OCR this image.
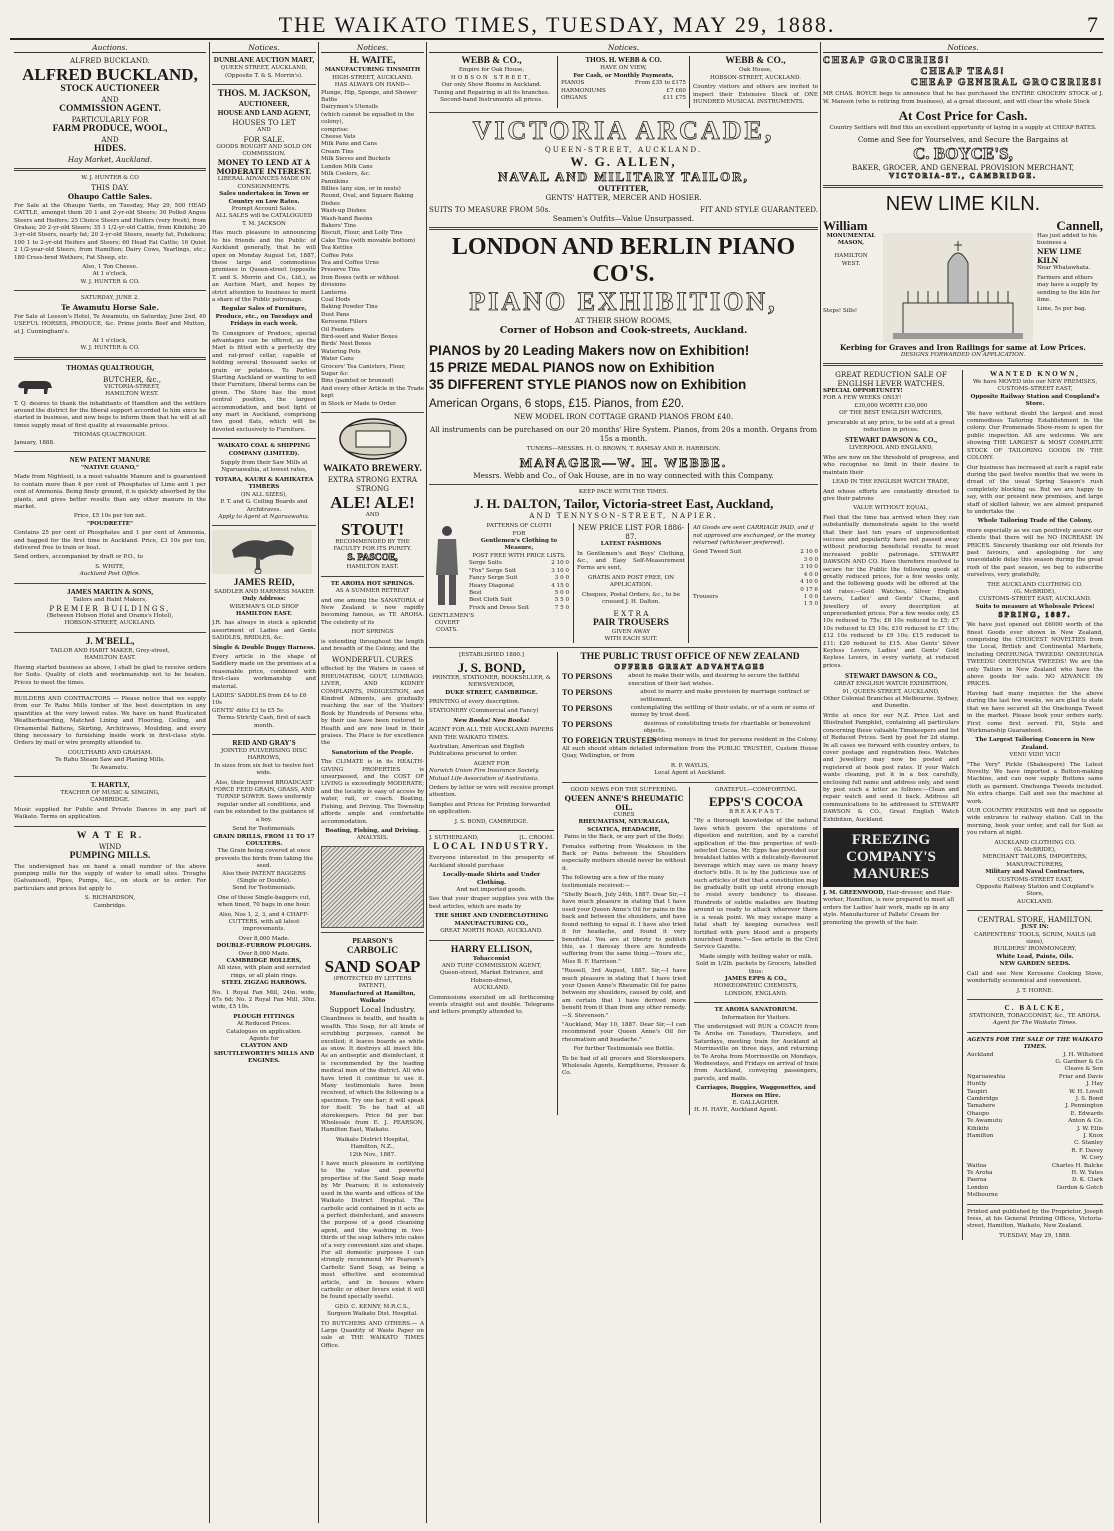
THE WAIKATO TIMES, TUESDAY, MAY 29, 1888.	7
Auctions.
ALFRED BUCKLAND.
ALFRED BUCKLAND,
STOCK AUCTIONEER
AND
COMMISSION AGENT.
PARTICULARLY FOR
FARM PRODUCE, WOOL,
AND
HIDES.
Hay Market, Auckland.
W. J. HUNTER & CO
THIS DAY.
Ohaupo Cattle Sales.

For Sale at the Ohaupo Yards, on Tuesday, May 29, 500 HEAD CATTLE, amongst them 20 1 and 2-yr-old Steers; 30 Polled Angus Steers and Heifers; 25 Choice Steers and Heifers (very fresh), from Orakau; 20 2-yr-old Steers; 35 1 1/2-yr-old Cattle, from Kihikihi; 20 3-yr-old Steers, nearly fat; 20 2-yr-old Steers, nearly fat, Pukekura; 100 1 to 2-yr-old Heifers and Steers; 60 Head Fat Cattle; 16 Quiet 2 1/2-year-old Steers, from Hamilton; Dairy Cows, Yearlings, etc.; 180 Cross-bred Wethers, Fat Sheep, etc.

Also, 1 Ton Cheese.
At 1 o'clock,
W. J. HUNTER & CO.
SATURDAY, JUNE 2.
Te Awamutu Horse Sale.

For Sale at Leeson's Hotel, Te Awamutu, on Saturday, June 2nd, 40 USEFUL HORSES, PRODUCE, &c. Prime joints Beef and Mutton, at J. Cunningham's.

At 1 o'clock,
W. J. HUNTER & CO.
THOMAS QUALTROUGH,
BUTCHER, &c.,
VICTORIA-STREET,
HAMILTON WEST.

T. Q. desires to thank the inhabitants of Hamilton and the settlers around the district for the liberal support accorded to him since he started in business, and now begs to inform them that he will at all times supply meat of first quality at reasonable prices.

THOMAS QUALTROUGH.
January, 1888.
NEW PATENT MANURE
"NATIVE GUANO,"

Made from Nightsoil, is a most valuable Manure and is guaranteed to contain more than 4 per cent of Phosphates of Lime and 1 per cent of Ammonia. Being finely ground, it is quickly absorbed by the plants, and gives better results than any other manure in the market.

Price, £5 10s per ton net.
"POUDRETTE"

Contains 25 per cent of Phosphates and 1 per cent of Ammonia, and bagged for the first time in Auckland. Price, £3 10s per ton, delivered free to train or boat.

Send orders, accompanied by draft or P.O., to

S. WHITE,
Auckland Post Office.
JAMES MARTIN & SONS,
Tailors and Habit Makers,
PREMIER BUILDINGS,
(Between Hobson Hotel and Orams's Hotel),
HOBSON-STREET, AUCKLAND.
J. M'BELL,
TAILOR AND HABIT MAKER, Grey-street,
HAMILTON EAST.

Having started business as above, I shall be glad to receive orders for Suits. Quality of cloth and workmanship not to be beaten. Prices to meet the times.

BUILDERS AND CONTRACTORS — Please notice that we supply from our Te Rahu Mills timber of the best description in any quantities at the very lowest rates. We have on hand Rusticated Weatherboarding, Matched Lining and Flooring, Ceiling, and Ornamental Battens, Skirting, Architraves, Moulding, and every thing necessary to furnishing inside work in first-class style. Orders by mail or wire promptly attended to.

COULTHARD AND GRAHAM.
Te Rahu Steam Saw and Planing Mills.
Te Awamutu.
T. HARTLY,
TEACHER OF MUSIC & SINGING,
CAMBRIDGE.

Music supplied for Public and Private Dances in any part of Waikato. Terms on application.

W A T E R.
WIND
PUMPING MILLS.

The undersigned has on hand a small number of the above pumping mills for the supply of water to small sites. Troughs (Galvanised), Pipes, Pumps, &c., on stock or to order. For particulars and prices list apply to

S. RICHARDSON,
Cambridge.
Notices.
DUNBLANE AUCTION MART,
QUEEN STREET, AUCKLAND,
(Opposite T. & S. Morrin's).
THOS. M. JACKSON,
AUCTIONEER,
HOUSE AND LAND AGENT,
HOUSES TO LET
AND
FOR SALE.
GOODS BOUGHT AND SOLD ON COMMISSION.
MONEY TO LEND AT A MODERATE INTEREST.
LIBERAL ADVANCES MADE ON CONSIGNMENTS.
Sales undertaken in Town or Country on Low Rates.
Prompt Account Sales.
ALL SALES will be CATALOGUED
T. M. JACKSON

Has much pleasure in announcing to his friends and the Public of Auckland generally, that he will open on Monday August 1st, 1887, those large and commodious premises in Queen-street (opposite T. and S. Morrin and Co., Ltd.), as an Auction Mart, and hopes by strict attention to business to merit a share of the Public patronage.

Regular Sales of Furniture, Produce, etc., on Tuesdays and Fridays in each week.

To Consignors of Produce, special advantages can be offered, as the Mart is fitted with a perfectly dry and rat-proof cellar, capable of holding several thousand sacks of grain or potatoes. To Parties Starting Auckland or wanting to sell their Furniture, liberal terms can be given. The Store has the most central position, the largest accommodation, and best light of any mart in Auckland, comprising two good flats, which will be devoted exclusively to Furniture.

WAIKATO COAL & SHIPPING COMPANY (LIMITED).

Supply from their Saw Mills at Ngaruawahia, at lowest rates,

TOTARA, KAURI & KAHIKATEA TIMBERS
(IN ALL SIZES),
P. T. and G. Ceiling Boards and Architraves.
Apply to Agent at Ngaruawahia.
JAMES REID,
SADDLER AND HARNESS MAKER
Only Address:
WISEMAN'S OLD SHOP
HAMILTON EAST.

J.R. has always in stock a splendid assortment of Ladies and Gents SADDLES, BRIDLES, &c.

Single & Double Buggy Harness.

Every article in the shape of Saddlery made on the premises at a reasonable price, combined with first-class workmanship and material.

LADIES' SADDLES from £4 to £6 10s
GENTS' ditto £3 to £5 5s
Terms Strictly Cash, first of each month.
REID AND GRAY'S
JOINTED PULVERISING DISC HARROWS,
In sizes from six feet to twelve feet wide.

Also, their Improved BROADCAST FORCE FEED GRAIN, GRASS, AND TURNIP SOWER. Sows uniformly regular under all conditions, and can be extended to the guidance of a boy.

Send for Testimonials.
GRAIN DRILLS, FROM 11 TO 17 COULTERS.
The Grain being covered at once prevents the birds from taking the seed.
Also their PATENT BAGGERS (Single or Double).
Send for Testimonials.

One of these Single-baggers cut, when tined, 70 bags in one hour.

Also, Nos 1, 2, 3, and 4 CHAFF-CUTTERS, with all latest improvements.

Over 8,000 Made.
DOUBLE-FURROW PLOUGHS.
Over 8,000 Made.
CAMBRIDGE ROLLERS,
All sizes, with plain and serrated rings, or all plain rings.
STEEL ZIGZAG HARROWS.

No. 1 Royal Fan Mill, 24in. wide, 67s 6d; No. 2 Royal Fan Mill, 30in. wide, £5 10s.

PLOUGH FITTINGS
At Reduced Prices.
Catalogues on application.
Agents for
CLAYTON AND SHUTTLEWORTH'S MILLS AND ENGINES.
Notices.
H. WAITE,
MANUFACTURING TINSMITH
HIGH-STREET, AUCKLAND.
HAS ALWAYS ON HAND—
Plunge, Hip, Sponge, and Shower Baths
Dairymen's Utensils
(which cannot be equalled in the colony),
comprise:
Cheese Vats
Milk Pans and Cans
Cream Tins
Milk Sieves and Buckets
London Milk Cans
Milk Coolers, &c.
Pannikins
Billies (any size, or in nests)
Round, Oval, and Square Baking Dishes
Wash-up Dishes
Wash-hand Basins
Bakers' Tins
Biscuit, Flour, and Lolly Tins
Cake Tins (with movable bottom)
Tea Kettles
Coffee Pots
Tea and Coffee Urns
Preserve Tins
Iron Boxes (with or without divisions
Lanterns
Coal Hods
Baking Powder Tins
Dust Pans
Kerosene Fillers
Oil Feeders
Bird-seed and Water Boxes
Birds' Nest Boxes
Watering Pots
Water Cans
Grocers' Tea Canisters, Flour, Sugar &c
Bins (painted or bronzed)
And every other Article in the Trade kept
in Stock or Made to Order.
WAIKATO BREWERY.
EXTRA STRONG EXTRA STRONG
ALE! ALE!
AND
STOUT!
RECOMMENDED BY THE FACULTY FOR ITS PURITY.
S. PASCOE,
HAMILTON EAST.
TE AROHA HOT SPRINGS.
AS A SUMMER RETREAT

and one among the SANATORIA of New Zealand is now rapidly becoming famous, as TE AROHA. The celebrity of its

HOT SPRINGS

is extending throughout the length and breadth of the Colony, and the

WONDERFUL CURES

effected by the Waters in cases of RHEUMATISM, GOUT, LUMBAGO, LIVER, AND KIDNEY COMPLAINTS, INDIGESTION, and Kindred Ailments, are gradually reaching the ear of the Visitors' Book by Hundreds of Persons who, by their use have been restored to Health and are now loud in their praises. The Place is for excellence the

Sanatorium of the People.

The CLIMATE is in its HEALTH-GIVING PROPERTIES is unsurpassed, and the COST OF LIVING is exceedingly MODERATE; and the locality is easy of access by water, rail, or coach. Boating, Fishing, and Driving. The Township affords ample and comfortable accommodation.

Boating, Fishing, and Driving.
ANALYSIS.
PEARSON'S
CARBOLIC
SAND SOAP
(PROTECTED BY LETTERS PATENT),
Manufactured at Hamilton, Waikato
Support Local Industry.

Cleanliness is health, and health is wealth. This Soap, for all kinds of scrubbing purposes, cannot be excelled; it leaves boards as white as snow. It destroys all insect life. As an antiseptic and disinfectant, it is recommended by the leading medical men of the district. All who have tried it continue to use it. Many testimonials have been received, of which the following is a specimen. Try one bar; it will speak for itself. To be had at all storekeepers. Price 6d per bar. Wholesale from E. J. PEARSON, Hamilton East, Waikato.

Waikato District Hospital, Hamilton, N.Z.,
12th Nov., 1887.

I have much pleasure in certifying to the value and powerful properties of the Sand Soap made by Mr Pearson; it is extensively used in the wards and offices of the Waikato District Hospital. The carbolic acid contained in it acts as a perfect disinfectant, and answers the purpose of a good cleansing agent, and the washing in two-thirds of the soap lathers into cakes of a very convenient size and shape. For all domestic purposes I can strongly recommend Mr Pearson's Carbolic Sand Soap, as being a most effective and economical article, and in houses where carbolic or other fevers exist it will be found specially useful.

GEO. C. KENNY, M.R.C.S.,
Surgeon Waikato Dist. Hospital.

TO BUTCHERS AND OTHERS.— A Large Quantity of Waste Paper on sale at THE WAIKATO TIMES Office.

Notices.
WEBB & CO.,
Empire for Oak House,
HOBSON STREET,
Our only Show Rooms in Auckland.
Tuning and Repairing in all its branches.
Second-hand Instruments all prices.
THOS. H. WEBB & CO.
HAVE ON VIEW,
For Cash, or Monthly Payments,
PIANOS	From £35 to £175
HARMONIUMS	£7 £60
ORGANS	£11 £75
WEBB & CO.,
Oak House,
HOBSON-STREET, AUCKLAND.

Country visitors and others are invited to inspect their Extensive Stock of ONE HUNDRED MUSICAL INSTRUMENTS.

VICTORIA ARCADE,
QUEEN-STREET, AUCKLAND.
W. G. ALLEN,
NAVAL AND MILITARY TAILOR,
OUTFITTER,
GENTS' HATTER, MERCER AND HOSIER.
SUITS TO MEASURE FROM 50s.	FIT AND STYLE GUARANTEED.
Seamen's Outfits—Value Unsurpassed.
LONDON AND BERLIN PIANO CO'S.
PIANO EXHIBITION,
AT THEIR SHOW ROOMS,
Corner of Hobson and Cook-streets, Auckland.
PIANOS by 20 Leading Makers now on Exhibition!
15 PRIZE MEDAL PIANOS now on Exhibition
35 DIFFERENT STYLE PIANOS now on Exhibition
American Organs, 6 stops, £15. Pianos, from £20.
NEW MODEL IRON COTTAGE GRAND PIANOS FROM £40.
All instruments can be purchased on our 20 months' Hire System. Pianos, from 20s a month. Organs from 15s a month.
TUNERS—MESSRS. H. O. BROWN, T. RAMSAY AND R. HARRISON.
MANAGER—W. H. WEBBE.
Messrs. Webb and Co., of Oak House, are in no way connected with this Company.
KEEP PACE WITH THE TIMES.
J. H. DALTON, Tailor, Victoria-street East, Auckland,
AND TENNYSON-STREET, NAPIER.
GENTLEMEN'S COVERT COATS.
PATTERNS OF CLOTH
FOR
Gentlemen's Clothing to Measure,
POST FREE WITH PRICE LISTS.
Serge Suits	2 10 0
"Fox" Serge Suit	3 10 0
Fancy Serge Suit	3 0 0
Heavy Diagonal	4 15 0
Best	5 0 0
Best Cloth Suit	5 5 0
Frock and Dress Suit	7 5 0
NEW PRICE LIST FOR 1886-87.
LATEST FASHIONS

In Gentlemen's and Boys' Clothing, &c., and Easy Self-Measurement Forms are sent,

GRATIS AND POST FREE, ON APPLICATION.

Cheques, Postal Orders, &c., to be crossed J. H. Dalton.

E X T R A
PAIR TROUSERS
GIVEN AWAY
WITH EACH SUIT.

All Goods are sent CARRIAGE PAID, and if not approved are exchanged, or the money returned (whichever preferred).

Good Tweed Suit	2 10 0
3 0 0
3 10 0
4 0 0
4 10 0
0 17 6
Trousers	1 0 0
1 5 0
[ESTABLISHED 1880.]
J. S. BOND,
PRINTER, STATIONER, BOOKSELLER, & NEWSVENDOR,
DUKE STREET, CAMBRIDGE.

PRINTING of every description.

STATIONERY (Commercial and Fancy)

New Books! New Books!

AGENT FOR ALL THE AUCKLAND PAPERS AND THE WAIKATO TIMES.

Australian, American and English Publications procured to order.

AGENT FOR
Norwich Union Fire Insurance Society.
Mutual Life Association of Australasia.

Orders by letter or wire will receive prompt attention.

Samples and Prices for Printing forwarded on application.

J. S. BOND, CAMBRIDGE.
J. SUTHERLAND,	[L. CROOM.
LOCAL INDUSTRY.

Everyone interested in the prosperity of Auckland should purchase

Locally-made Shirts and Under Clothing.
And not imported goods.

See that your draper supplies you with the best articles, which are made by

THE SHIRT AND UNDERCLOTHING MANUFACTURING CO.,
GREAT NORTH ROAD, AUCKLAND.
HARRY ELLISON,
Tobacconist
AND TURF COMMISSION AGENT,
Queen-street, Market Entrance, and Hobson-street,
AUCKLAND.

Commissions executed on all forthcoming events straight out and double. Telegrams and letters promptly attended to.

THE PUBLIC TRUST OFFICE OF NEW ZEALAND
OFFERS GREAT ADVANTAGES
TO PERSONS	about to make their wills, and desiring to secure the faithful execution of their last wishes.
TO PERSONS	about to marry and make provision by marriage contract or settlement.
TO PERSONS	contemplating the settling of their estate, or of a sum or sums of money by trust deed.
TO PERSONS	desirous of constituting trusts for charitable or benevolent objects.
TO FOREIGN TRUSTEES
holding moneys in trust for persons resident in the Colony.

All such should obtain detailed information from the PUBLIC TRUSTEE, Custom House Quay, Wellington, or from

R. P. WAYLIS,
Local Agent at Auckland.
GOOD NEWS FOR THE SUFFERING.
QUEEN ANNE'S RHEUMATIC OIL.
CURES
RHEUMATISM, NEURALGIA, SCIATICA, HEADACHE,
Pains in the Back, or any part of the Body;

Females suffering from Weakness in the Back or Pains between the Shoulders especially mothers should never be without it.

The following are a few of the many testimonials received:—

"Shelly Beach, July 24th, 1887. Dear Sir,—I have much pleasure in stating that I have used your Queen Anne's Oil for pains in the back and between the shoulders, and have found nothing to equal it. I have also tried it for headache, and found it very beneficial. You are at liberty to publish this, as I daresay there are hundreds suffering from the same thing.—Yours etc., Miss B. F. Harrison."

"Russell, 3rd August, 1887. Sir,—I have much pleasure in stating that I have tried your Queen Anne's Rheumatic Oil for pains between my shoulders, caused by cold, and am certain that I have derived more benefit from it than from any other remedy.—S. Stevenson."

"Auckland, May 10, 1887. Dear Sir,—I can recommend your Queen Anne's Oil for rheumatism and headache."

For further Testimonials see Bottle.

To be had of all grocers and Storekeepers. Wholesale Agents, Kempthorne, Prosser & Co.

GRATEFUL—COMFORTING.
EPPS'S COCOA
B R E A K F A S T .

"By a thorough knowledge of the natural laws which govern the operations of digestion and nutrition, and by a careful application of the fine properties of well-selected Cocoa, Mr. Epps has provided our breakfast tables with a delicately-flavoured beverage which may save us many heavy doctor's bills. It is by the judicious use of such articles of diet that a constitution may be gradually built up until strong enough to resist every tendency to disease. Hundreds of subtle maladies are floating around us ready to attack wherever there is a weak point. We may escape many a fatal shaft by keeping ourselves well fortified with pure blood and a properly nourished frame."—See article in the Civil Service Gazette.

Made simply with boiling water or milk.
Sold in 1/2lb. packets by Grocers, labelled thus:
JAMES EPPS & CO.,
HOMŒOPATHIC CHEMISTS,
LONDON, ENGLAND.
TE AROHA SANATORIUM.
Information for Visitors.

The undersigned will RUN a COACH from Te Aroha on Tuesdays, Thursdays, and Saturdays, meeting train for Auckland at Morrinsville on three days, and returning to Te Aroha from Morrinsville on Mondays, Wednesdays, and Fridays on arrival of train from Auckland, conveying passengers, parcels, and mails.

Carriages, Buggies, Waggonettes, and Horses on Hire.
E. GALLAGHER.
H. H. HAYE, Auckland Agent.
Notices.
CHEAP GROCERIES!
CHEAP TEAS!
CHEAP GENERAL GROCERIES!

MR CHAS. BOYCE begs to announce that he has purchased the ENTIRE GROCERY STOCK of J. W. Manson (who is retiring from business), at a great discount, and will clear the whole Stock

At Cost Price for Cash.

Country Settlers will find this an excellent opportunity of laying in a supply at CHEAP RATES.

Come and See for Yourselves, and Secure the Bargains at
C. BOYCE'S,
BAKER, GROCER, AND GENERAL PROVISION MERCHANT,
VICTORIA-ST., CAMBRIDGE.
NEW LIME KILN.
William	Cannell,
MONUMENTAL
MASON,
HAMILTON
WEST.
Steps! Sills!
Has just added to his business a
NEW LIME KILN
Near Whatawhata.

Farmers and others may have a supply by sending to the kiln for lime.

Lime, 5s per bag.
Kerbing for Graves and Iron Railings for same at Low Prices.
DESIGNS FORWARDED ON APPLICATION.
GREAT REDUCTION SALE OF ENGLISH LEVER WATCHES.
SPECIAL OPPORTUNITY!
FOR A FEW WEEKS ONLY!
£30,000 WORTH £30,000
OF THE BEST ENGLISH WATCHES,

procurable at any price, to be sold at a great reduction in prices.

STEWART DAWSON & CO.,
LIVERPOOL AND ENGLAND,

Who are now on the threshold of progress, and who recognise no limit in their desire to maintain their

LEAD IN THE ENGLISH WATCH TRADE,

And whose efforts are constantly directed to give their patrons

VALUE WITHOUT EQUAL,

Feel that the time has arrived when they can substantially demonstrate again to the world that their last ten years of unprecedented success and popularity have not passed away without producing beneficial results to most increased public patronage. STEWART DAWSON AND CO. Have therefore resolved to secure for the Public the following goods at greatly reduced prices, for a few weeks only, and the following goods will be offered at the old rates:—Gold Watches, Silver English Levers, Ladies' and Gents' Chains, and Jewellery of every description at unprecedented prices. For a few weeks only, £5 10s reduced to 75s; £6 10s reduced to £5; £7 10s reduced to £5 10s; £10 reduced to £7 10s; £12 10s reduced to £9 10s; £15 reduced to £11; £20 reduced to £15. Also Gents' Silver Keyless Levers, Ladies' and Gents' Gold Keyless Levers, in every variety, at reduced prices.

STEWART DAWSON & CO.,
GREAT ENGLISH WATCH EXHIBITION,
91, QUEEN-STREET, AUCKLAND,
Other Colonial Branches at Melbourne, Sydney, and Dunedin.

Write at once for our N.Z. Price List and Illustrated Pamphlet, containing all particulars concerning these valuable Timekeepers and list of Reduced Prices. Sent by post for 2d stamp. In all cases we forward with country orders, to cover postage and registration fees. Watches and Jewellery may now be posted and registered at book post rates. If your Watch wants cleaning, put it in a box carefully, enclosing full name and address only, and send by post such a letter as follows:—Clean and repair watch and send it back. Address all communications to be addressed to STEWART DAWSON & CO., Great English Watch Exhibition, Auckland.

FREEZING
COMPANY'S
MANURES
J. M. GREENWOOD, Hair-dresser, and Hair-worker, Hamilton, is now prepared to meet all orders for Ladies' hair work, made up in any style. Manufacturer of Pallets' Cream for promoting the growth of the hair.
WANTED KNOWN,
We have MOVED into our NEW PREMISES,
CUSTOMS-STREET EAST,
Opposite Railway Station and Coupland's Store.

We have without doubt the largest and most commodious Tailoring Establishment in the colony. Our Promenade Show-room is open for public inspection. All are welcome. We are showing THE LARGEST & MOST COMPLETE STOCK OF TAILORING GOODS IN THE COLONY.

Our business has increased at such a rapid rate during the past twelve months that we were in dread of the usual Spring Season's rush completely blocking us. But we are happy to say, with our present new premises, and large staff of skilled labour, we are almost prepared to undertake the

Whole Tailoring Trade of the Colony,

more especially as we can positively assure our clients that there will be NO INCREASE IN PRICES. Sincerely thanking our old friends for past favours, and apologising for any unavoidable delay this season during the great rush of the past season, we beg to subscribe ourselves, very gratefully,

THE AUCKLAND CLOTHING CO.
(G. McBRIDE),
CUSTOMS-STREET EAST, AUCKLAND.
Suits to measure at Wholesale Prices!
SPRING, 1887.

We have just opened out £6000 worth of the finest Goods ever shown in New Zealand, comprising the CHOICEST NOVELTIES from the Local, British and Continental Markets, including ONEHUNGA TWEEDS! ONEHUNGA TWEEDS! ONEHUNGA TWEEDS! We are the only Tailors in New Zealand who have the above goods for sale. NO ADVANCE IN PRICES.

Having had many inquiries for the above during the last few weeks, we are glad to state that we have secured all the Onehunga Tweed in the market. Please book your orders early. First come first served. Fit, Style and Workmanship Guaranteed.

The Largest Tailoring Concern in New Zealand.
VENI! VIDI! VICI!

"The Very" Pickle (Shakespere) The Latest Novelty. We have imported a Button-making Machine, and can now supply Buttons same cloth as garment. Onehunga Tweeds included. No extra charge. Call and see the machine at work.

OUR COUNTRY FRIENDS will find us opposite wide entrance to railway station. Call in the morning, book your order, and call for Suit as you return at night.

AUCKLAND CLOTHING CO.
(G. McBRIDE),
MERCHANT TAILORS, IMPORTERS, MANUFACTURERS,
Military and Naval Contractors,
CUSTOMS-STREET EAST,
Opposite Railway Station and Coupland's Store,
AUCKLAND.
CENTRAL STORE, HAMILTON.
JUST IN:
CARPENTERS' TOOLS, SCRIM, NAILS (all sizes),
BUILDERS' IRONMONGERY,
White Lead, Paints, Oils.
NEW GARDEN SEEDS.

Call and see New Kerosene Cooking Stove, wonderfully economical and convenient.

J. T. HORNE.
C. BALCKE,
STATIONER, TOBACCONIST, &c., TE AROHA.
Agent for The Waikato Times.
AGENTS FOR THE SALE OF THE WAIKATO TIMES.
Auckland	J. H. Wiltsford
G. Gardner & Co
Cleave & Son
Ngaruawahia	Friar and Davis
Huntly	J. Hay
Taupiri	W. H. Lovell
Cambridge	J. S. Bond
Tamahere	J. Pennington
Ohaupo	E. Edwards
Te Awamutu	Anton & Co.
Kihikihi	J. W. Ellis
Hamilton	J. Knox
C. Stanley
R. F. Davey
W. Cory
Waitoa	Charles H. Balcke
Te Aroha	H. W. Yates
Paeroa	D. K. Clark
London	Gordon & Gotch
Melbourne

Printed and published by the Proprietor, Joseph Ivess, at his General Printing Offices, Victoria-street, Hamilton, Waikato, New Zealand.

TUESDAY, May 29, 1888.
